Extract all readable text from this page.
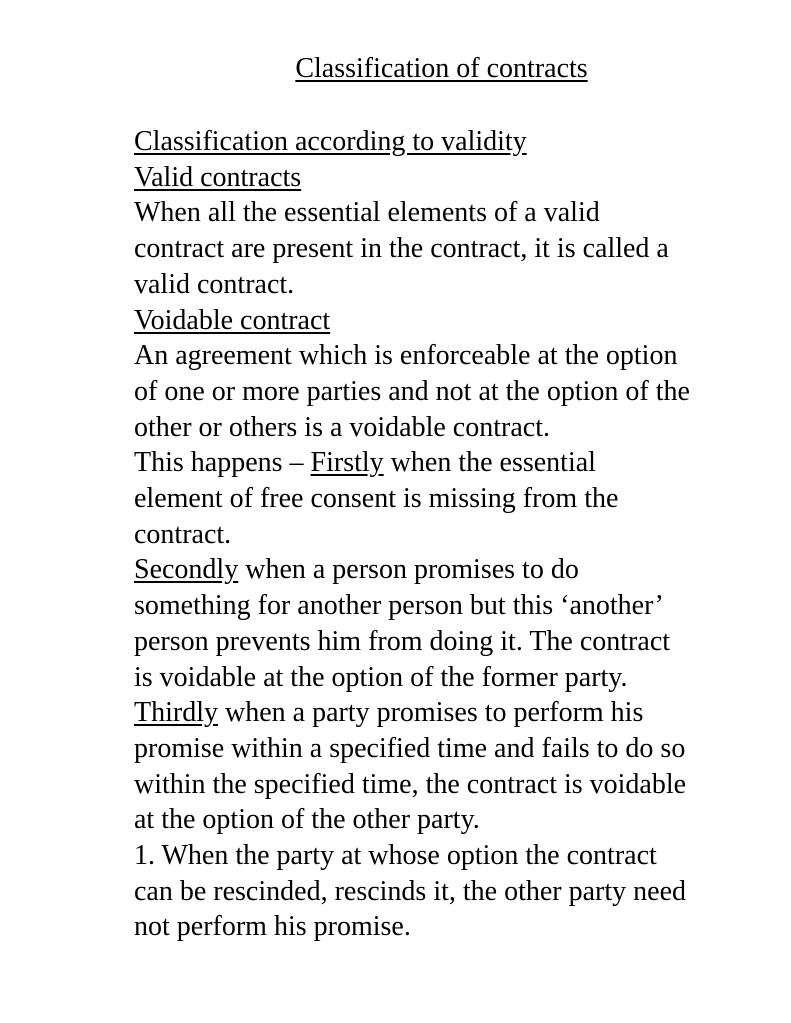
Classification of contracts
Classification according to validity
Valid contracts
When all the essential elements of a valid
contract are present in the contract, it is called a
valid contract.
Voidable contract
An agreement which is enforceable at the option
of one or more parties and not at the option of the
other or others is a voidable contract.
This happens – Firstly when the essential
element of free consent is missing from the
contract.
Secondly when a person promises to do
something for another person but this ‘another’
person prevents him from doing it. The contract
is voidable at the option of the former party.
Thirdly when a party promises to perform his
promise within a specified time and fails to do so
within the specified time, the contract is voidable
at the option of the other party.
1. When the party at whose option the contract
can be rescinded, rescinds it, the other party need
not perform his promise.
